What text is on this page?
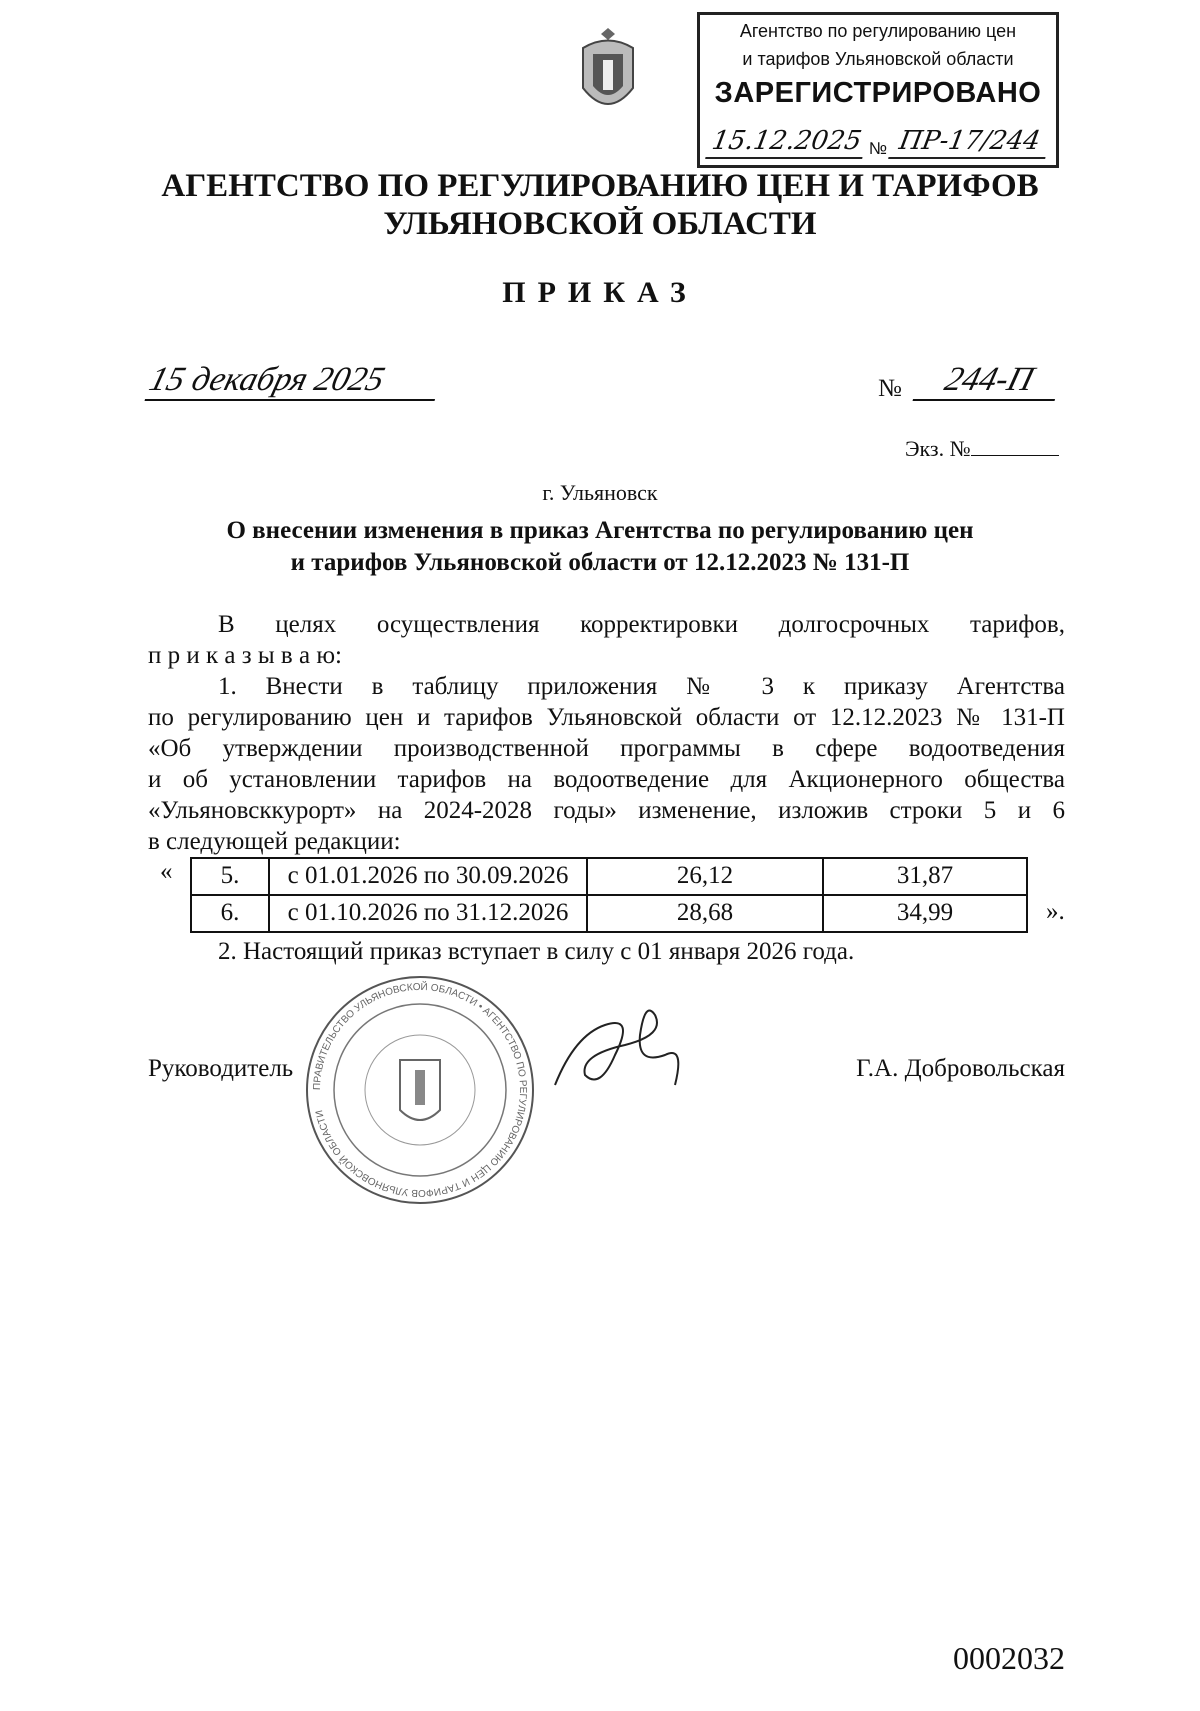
Агентство по регулированию цен
и тарифов Ульяновской области
ЗАРЕГИСТРИРОВАНО
15.12.2025 № ПР-17/244
АГЕНТСТВО ПО РЕГУЛИРОВАНИЮ ЦЕН И ТАРИФОВ
УЛЬЯНОВСКОЙ ОБЛАСТИ
ПРИКАЗ
15 декабря 2025	№	244-П
Экз. №
г. Ульяновск
О внесении изменения в приказ Агентства по регулированию цен
и тарифов Ульяновской области от 12.12.2023 № 131-П
В целях осуществления корректировки долгосрочных тарифов,
п р и к а з ы в а ю:
1. Внести в таблицу приложения № 3 к приказу Агентства
по регулированию цен и тарифов Ульяновской области от 12.12.2023 № 131-П
«Об утверждении производственной программы в сфере водоотведения
и об установлении тарифов на водоотведение для Акционерного общества
«Ульяновсккурорт» на 2024-2028 годы» изменение, изложив строки 5 и 6
в следующей редакции:
« 5.	с 01.01.2026 по 30.09.2026	26,12	31,87
6.	с 01.10.2026 по 31.12.2026	28,68	34,99	».
2. Настоящий приказ вступает в силу с 01 января 2026 года.
ПРАВИТЕЛЬСТВО УЛЬЯНОВСКОЙ ОБЛАСТИ • АГЕНТСТВО ПО РЕГУЛИРОВАНИЮ ЦЕН И ТАРИФОВ УЛЬЯНОВСКОЙ ОБЛАСТИ
Руководитель	Г.А. Добровольская
0002032
